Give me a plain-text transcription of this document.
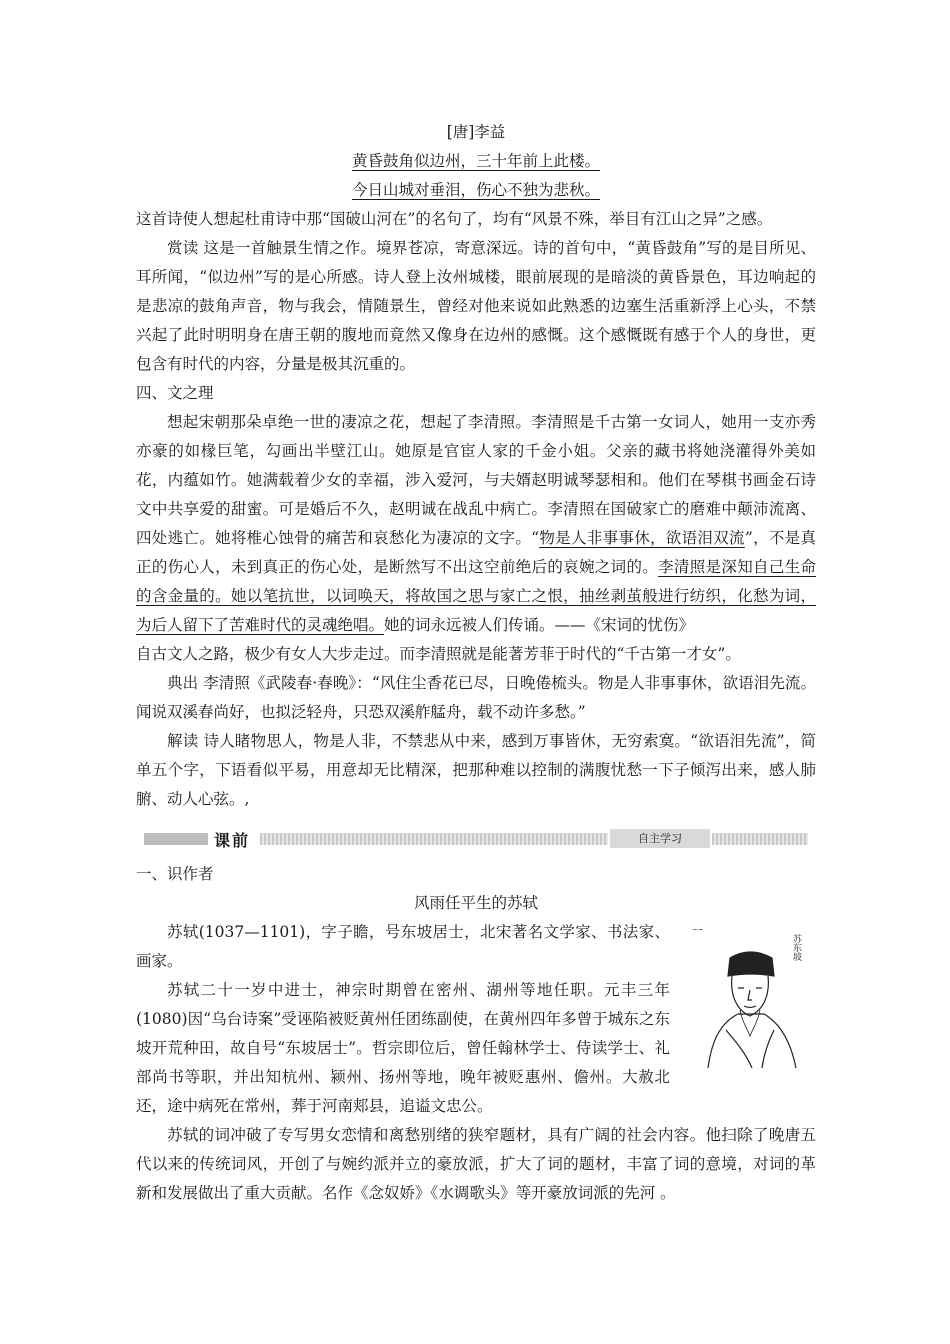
[唐]李益

黄昏鼓角似边州，三十年前上此楼。

今日山城对垂泪，伤心不独为悲秋。

这首诗使人想起杜甫诗中那“国破山河在”的名句了，均有“风景不殊，举目有江山之异”之感。

赏读 这是一首触景生情之作。境界苍凉，寄意深远。诗的首句中，“黄昏鼓角”写的是目所见、耳所闻，“似边州”写的是心所感。诗人登上汝州城楼，眼前展现的是暗淡的黄昏景色，耳边响起的是悲凉的鼓角声音，物与我会，情随景生，曾经对他来说如此熟悉的边塞生活重新浮上心头，不禁兴起了此时明明身在唐王朝的腹地而竟然又像身在边州的感慨。这个感慨既有感于个人的身世，更包含有时代的内容，分量是极其沉重的。

四、文之理

想起宋朝那朵卓绝一世的凄凉之花，想起了李清照。李清照是千古第一女词人，她用一支亦秀亦豪的如椽巨笔，勾画出半壁江山。她原是官宦人家的千金小姐。父亲的藏书将她浇灌得外美如花，内蕴如竹。她满载着少女的幸福，涉入爱河，与夫婿赵明诚琴瑟相和。他们在琴棋书画金石诗文中共享爱的甜蜜。可是婚后不久，赵明诚在战乱中病亡。李清照在国破家亡的磨难中颠沛流离、四处逃亡。她将椎心蚀骨的痛苦和哀愁化为凄凉的文字。“物是人非事事休，欲语泪双流”，不是真正的伤心人，未到真正的伤心处，是断然写不出这空前绝后的哀婉之词的。李清照是深知自己生命的含金量的。她以笔抗世，以词唤天，将故国之思与家亡之恨，抽丝剥茧般进行纺织，化愁为词，为后人留下了苦难时代的灵魂绝唱。她的词永远被人们传诵。——《宋词的忧伤》

自古文人之路，极少有女人大步走过。而李清照就是能著芳菲于时代的“千古第一才女”。

典出 李清照《武陵春·春晚》：“风住尘香花已尽，日晚倦梳头。物是人非事事休，欲语泪先流。闻说双溪春尚好，也拟泛轻舟，只恐双溪舴艋舟，载不动许多愁。”

解读 诗人睹物思人，物是人非，不禁悲从中来，感到万事皆休，无穷索寞。“欲语泪先流”，简单五个字，下语看似平易，用意却无比精深，把那种难以控制的满腹忧愁一下子倾泻出来，感人肺腑、动人心弦。,

课前	自主学习

一、识作者

风雨任平生的苏轼

~~
苏东坡

苏轼(1037—1101)，字子瞻，号东坡居士，北宋著名文学家、书法家、画家。

苏轼二十一岁中进士，神宗时期曾在密州、湖州等地任职。元丰三年(1080)因“乌台诗案”受诬陷被贬黄州任团练副使，在黄州四年多曾于城东之东坡开荒种田，故自号“东坡居士”。哲宗即位后，曾任翰林学士、侍读学士、礼部尚书等职，并出知杭州、颍州、扬州等地，晚年被贬惠州、儋州。大赦北还，途中病死在常州，葬于河南郏县，追谥文忠公。

苏轼的词冲破了专写男女恋情和离愁别绪的狭窄题材，具有广阔的社会内容。他扫除了晚唐五代以来的传统词风，开创了与婉约派并立的豪放派，扩大了词的题材，丰富了词的意境，对词的革新和发展做出了重大贡献。名作《念奴娇》《水调歌头》等开豪放词派的先河 。
